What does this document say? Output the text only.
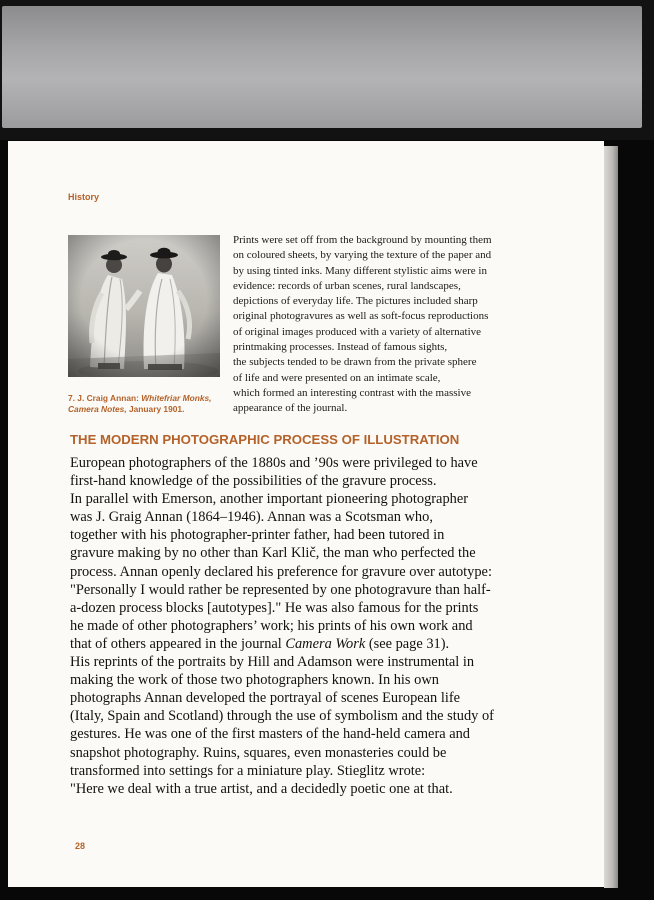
History
7. J. Craig Annan: Whitefriar Monks, Camera Notes, January 1901.
Prints were set off from the background by mounting them
on coloured sheets, by varying the texture of the paper and
by using tinted inks. Many different stylistic aims were in
evidence: records of urban scenes, rural landscapes,
depictions of everyday life. The pictures included sharp
original photogravures as well as soft-focus reproductions
of original images produced with a variety of alternative
printmaking processes. Instead of famous sights,
the subjects tended to be drawn from the private sphere
of life and were presented on an intimate scale,
which formed an interesting contrast with the massive
appearance of the journal.
THE MODERN PHOTOGRAPHIC PROCESS OF ILLUSTRATION
European photographers of the 1880s and ’90s were privileged to have
first-hand knowledge of the possibilities of the gravure process.
In parallel with Emerson, another important pioneering photographer
was J. Graig Annan (1864–1946). Annan was a Scotsman who,
together with his photographer-printer father, had been tutored in
gravure making by no other than Karl Klič, the man who perfected the
process. Annan openly declared his preference for gravure over autotype:
"Personally I would rather be represented by one photogravure than half-
a-dozen process blocks [autotypes]." He was also famous for the prints
he made of other photographers’ work; his prints of his own work and
that of others appeared in the journal Camera Work (see page 31).
His reprints of the portraits by Hill and Adamson were instrumental in
making the work of those two photographers known. In his own
photographs Annan developed the portrayal of scenes European life
(Italy, Spain and Scotland) through the use of symbolism and the study of
gestures. He was one of the first masters of the hand-held camera and
snapshot photography. Ruins, squares, even monasteries could be
transformed into settings for a miniature play. Stieglitz wrote:
"Here we deal with a true artist, and a decidedly poetic one at that.
28
